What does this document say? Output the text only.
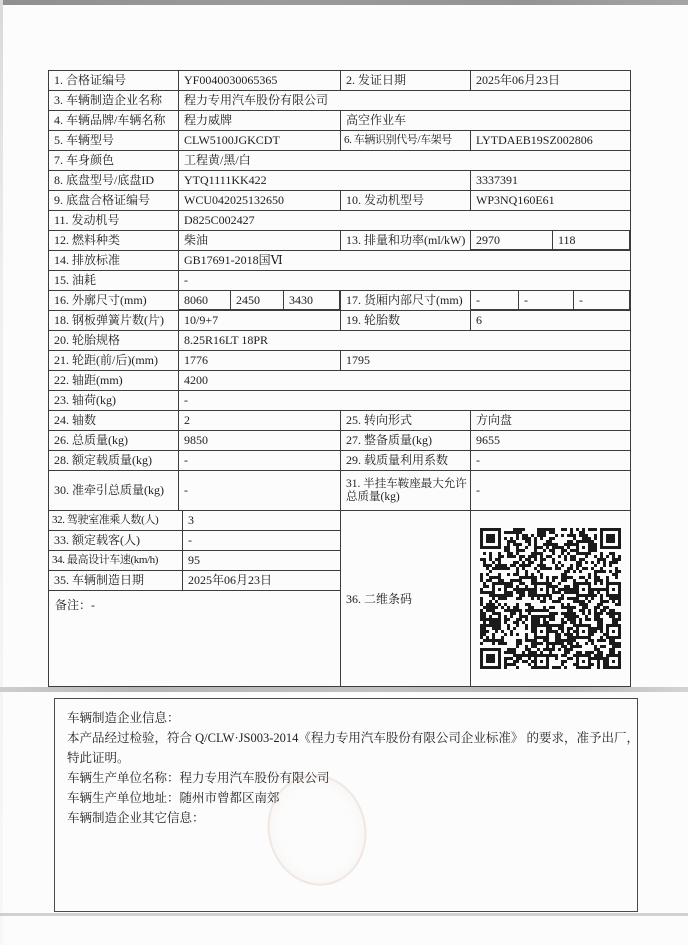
1. 合格证编号	YF0040030065365	2. 发证日期	2025年06月23日
3. 车辆制造企业名称	程力专用汽车股份有限公司
4. 车辆品牌/车辆名称	程力威牌	高空作业车
5. 车辆型号	CLW5100JGKCDT	6. 车辆识别代号/车架号	LYTDAEB19SZ002806
7. 车身颜色	工程黄/黑/白
8. 底盘型号/底盘ID	YTQ1111KK422	3337391
9. 底盘合格证编号	WCU042025132650	10. 发动机型号	WP3NQ160E61
11. 发动机号	D825C002427
12. 燃料种类	柴油	13. 排量和功率(ml/kW) 2970	118
14. 排放标准	GB17691-2018国Ⅵ
15. 油耗	-
16. 外廓尺寸(mm)	8060	2450	3430	17. 货厢内部尺寸(mm)	-	-	-
18. 钢板弹簧片数(片)	10/9+7	19. 轮胎数	6
20. 轮胎规格	8.25R16LT 18PR
21. 轮距(前/后)(mm)	1776	1795
22. 轴距(mm)	4200
23. 轴荷(kg)	-
24. 轴数	2	25. 转向形式	方向盘
26. 总质量(kg)	9850	27. 整备质量(kg)	9655
28. 额定载质量(kg)	-	29. 载质量利用系数	-
30. 准牵引总质量(kg)	-	31. 半挂车鞍座最大允许总质量(kg)	-
32. 驾驶室准乘人数(人)	3
33. 额定载客(人)	-
34. 最高设计车速(km/h)	95
35. 车辆制造日期	2025年06月23日
备注：-	36. 二维条码
车辆制造企业信息：
本产品经过检验，符合 Q/CLW·JS003-2014《程力专用汽车股份有限公司企业标准》 的要求，准予出厂，
特此证明。
车辆生产单位名称：程力专用汽车股份有限公司
车辆生产单位地址：随州市曾都区南郊
车辆制造企业其它信息：
